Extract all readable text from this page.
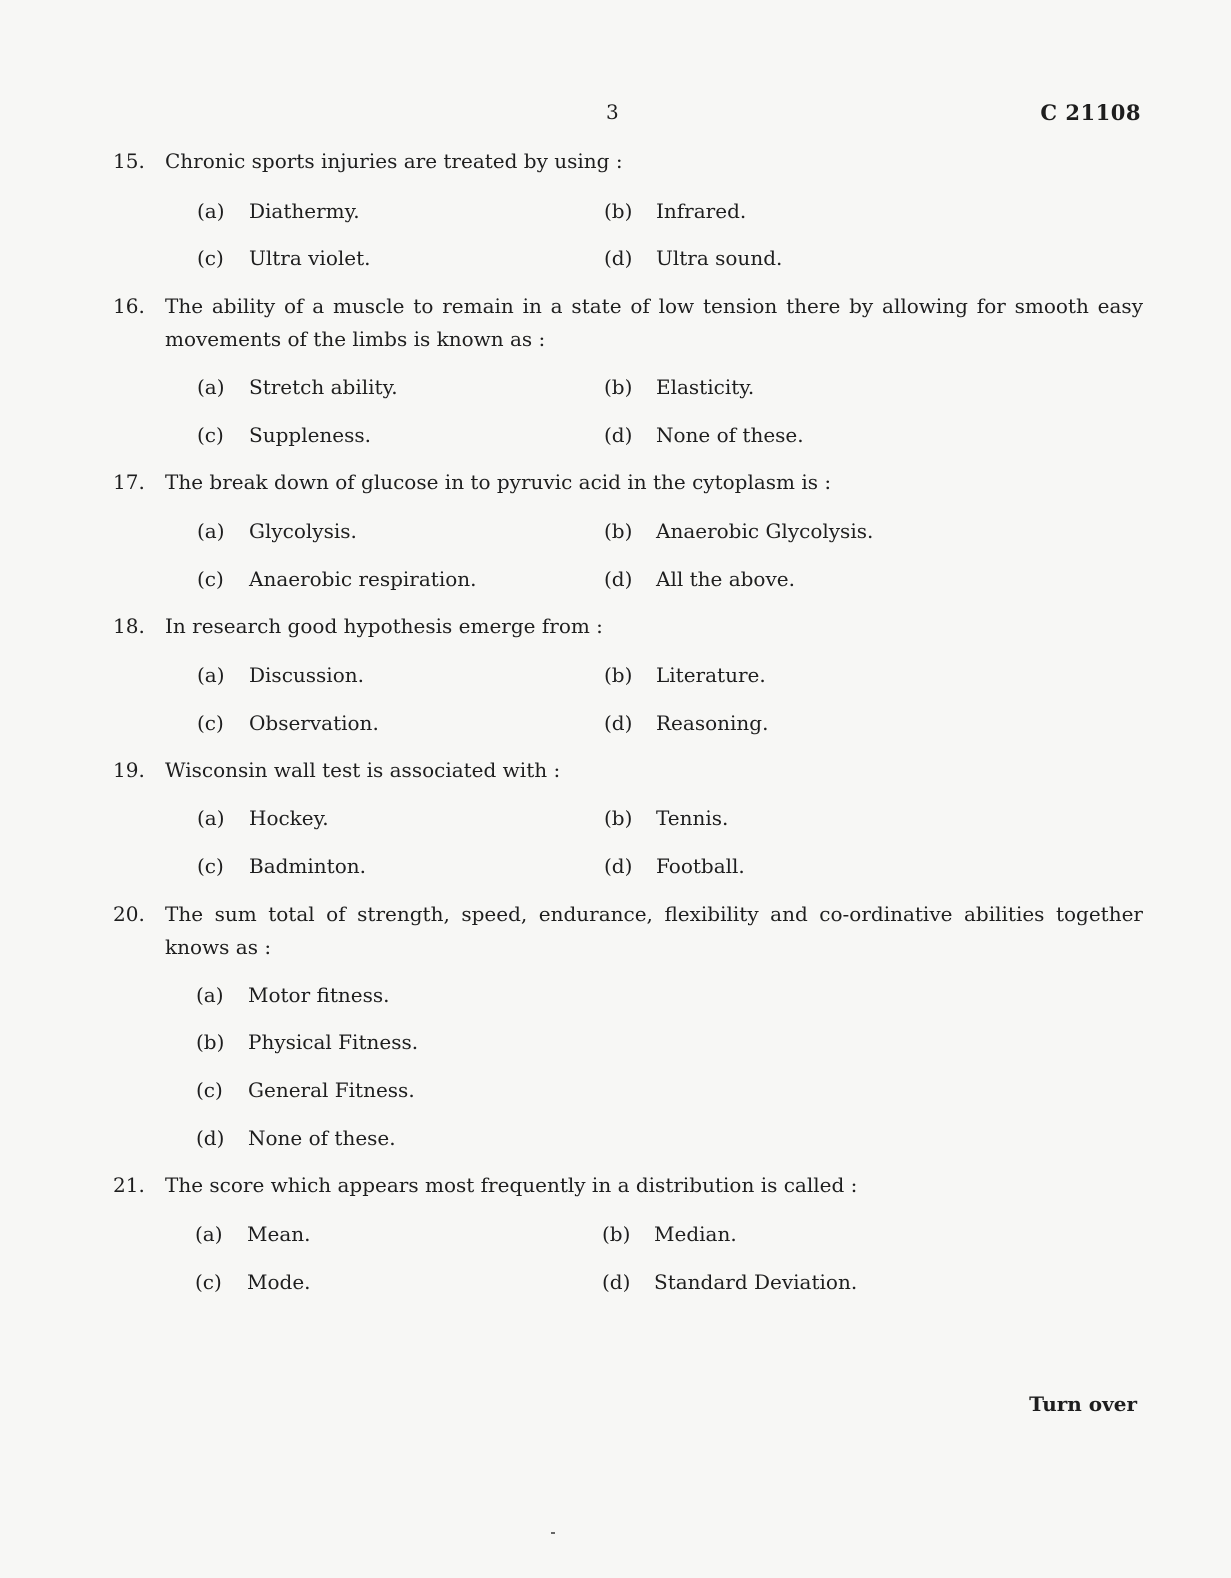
3	C 21108
15.	Chronic sports injuries are treated by using :
(a) Diathermy.	(b) Infrared.
(c) Ultra violet.	(d) Ultra sound.
16.	The ability of a muscle to remain in a state of low tension there by allowing for smooth easy movements of the limbs is known as :
(a) Stretch ability.	(b) Elasticity.
(c) Suppleness.	(d) None of these.
17.	The break down of glucose in to pyruvic acid in the cytoplasm is :
(a) Glycolysis.	(b) Anaerobic Glycolysis.
(c) Anaerobic respiration.	(d) All the above.
18.	In research good hypothesis emerge from :
(a) Discussion.	(b) Literature.
(c) Observation.	(d) Reasoning.
19.	Wisconsin wall test is associated with :
(a) Hockey.	(b) Tennis.
(c) Badminton.	(d) Football.
20.	The sum total of strength, speed, endurance, flexibility and co-ordinative abilities together knows as :
(a) Motor fitness.
(b) Physical Fitness.
(c) General Fitness.
(d) None of these.
21.	The score which appears most frequently in a distribution is called :
(a) Mean.	(b) Median.
(c) Mode.	(d) Standard Deviation.
Turn over
